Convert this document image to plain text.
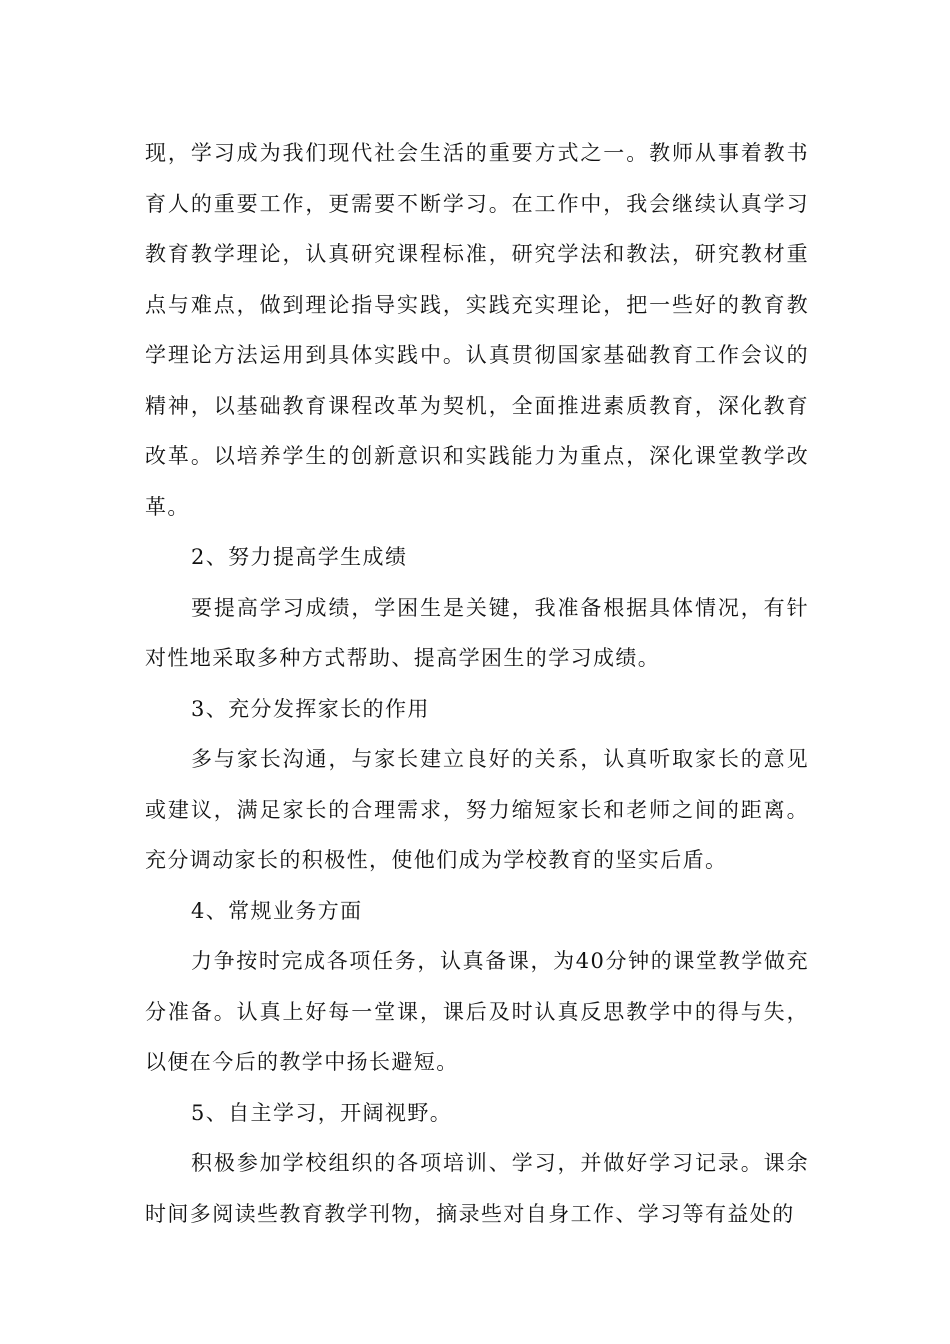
现，学习成为我们现代社会生活的重要方式之一。教师从事着教书育人的重要工作，更需要不断学习。在工作中，我会继续认真学习教育教学理论，认真研究课程标准，研究学法和教法，研究教材重点与难点，做到理论指导实践，实践充实理论，把一些好的教育教学理论方法运用到具体实践中。认真贯彻国家基础教育工作会议的精神，以基础教育课程改革为契机，全面推进素质教育，深化教育改革。以培养学生的创新意识和实践能力为重点，深化课堂教学改革。

2、努力提高学生成绩

要提高学习成绩，学困生是关键，我准备根据具体情况，有针对性地采取多种方式帮助、提高学困生的学习成绩。

3、充分发挥家长的作用

多与家长沟通，与家长建立良好的关系，认真听取家长的意见或建议，满足家长的合理需求，努力缩短家长和老师之间的距离。充分调动家长的积极性，使他们成为学校教育的坚实后盾。

4、常规业务方面

力争按时完成各项任务，认真备课，为40分钟的课堂教学做充分准备。认真上好每一堂课，课后及时认真反思教学中的得与失，以便在今后的教学中扬长避短。

5、自主学习，开阔视野。

积极参加学校组织的各项培训、学习，并做好学习记录。课余时间多阅读些教育教学刊物，摘录些对自身工作、学习等有益处的
